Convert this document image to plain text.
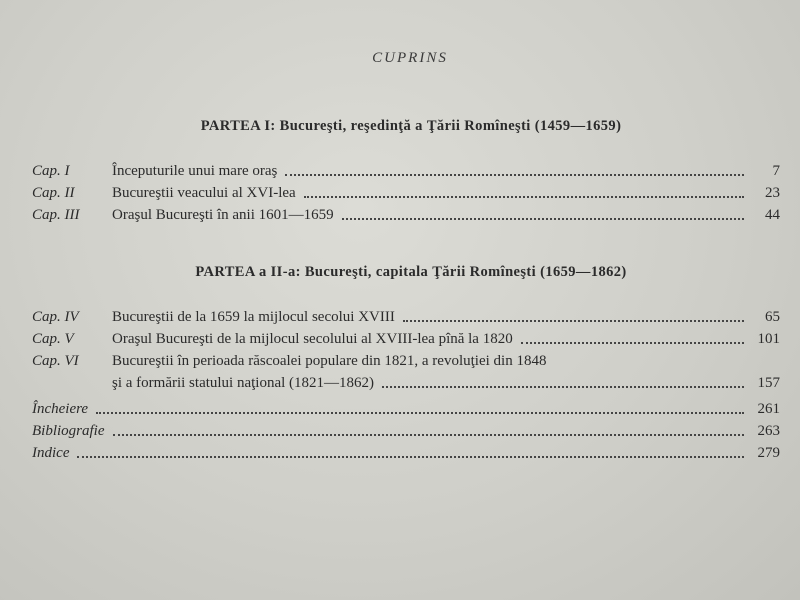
CUPRINS
PARTEA I: Bucureşti, reşedinţă a Ţării Romîneşti (1459—1659)
Cap. I	Începuturile unui mare oraş	7
Cap. II	Bucureştii veacului al XVI-lea	23
Cap. III	Oraşul Bucureşti în anii 1601—1659	44
PARTEA a II-a: Bucureşti, capitala Ţării Romîneşti (1659—1862)
Cap. IV	Bucureştii de la 1659 la mijlocul secolui XVIII	65
Cap. V	Oraşul Bucureşti de la mijlocul secolului al XVIII-lea pînă la 1820	101
Cap. VI	Bucureştii în perioada răscoalei populare din 1821, a revoluţiei din 1848
şi a formării statului naţional (1821—1862)	157
Încheiere	261
Bibliografie	263
Indice	279
